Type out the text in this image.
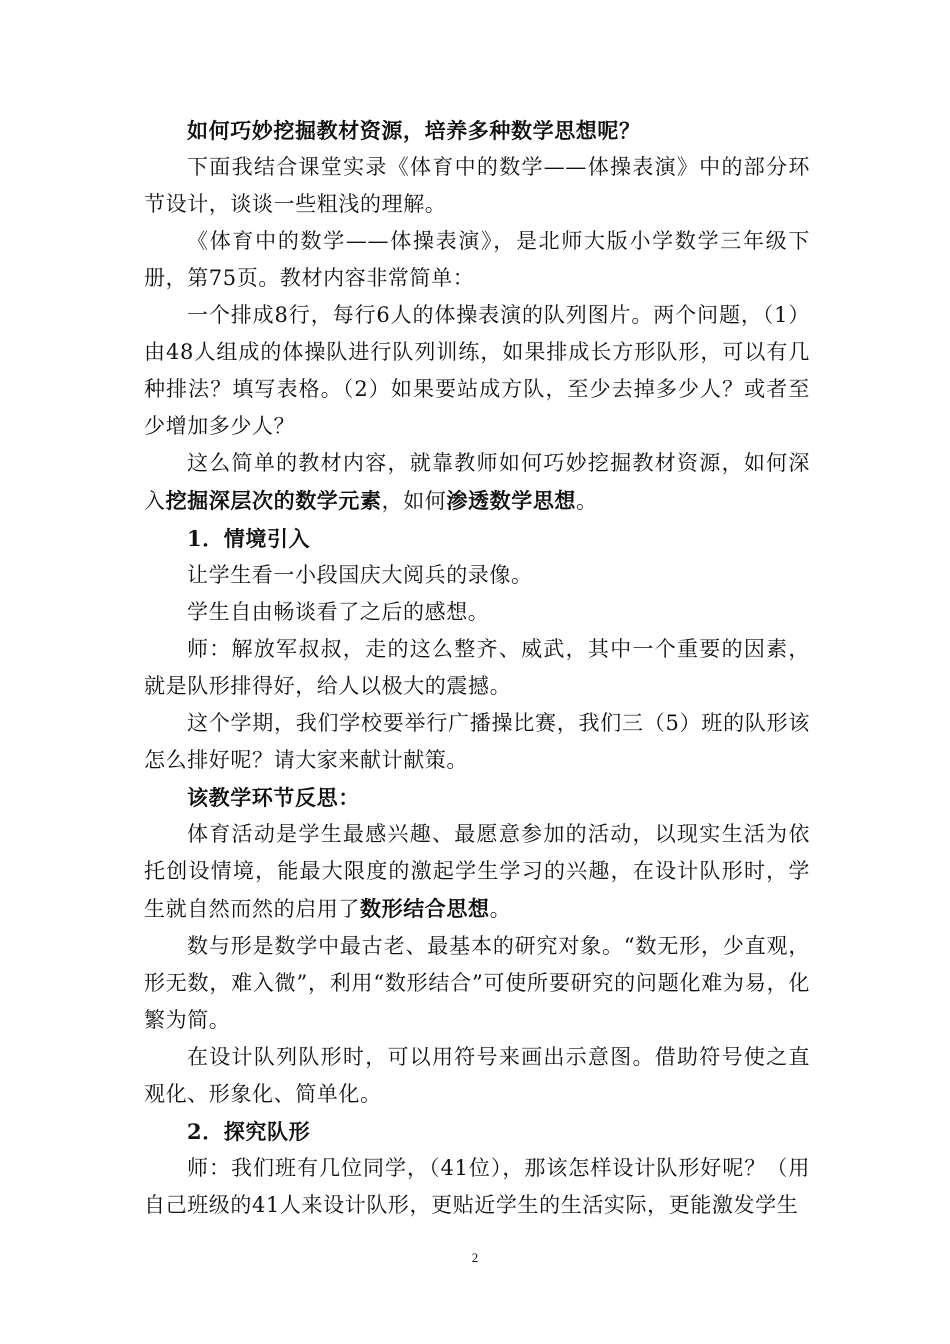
如何巧妙挖掘教材资源，培养多种数学思想呢？

下面我结合课堂实录《体育中的数学——体操表演》中的部分环节设计，谈谈一些粗浅的理解。

《体育中的数学——体操表演》，是北师大版小学数学三年级下册，第75页。教材内容非常简单：

一个排成8行，每行6人的体操表演的队列图片。两个问题，（1）由48人组成的体操队进行队列训练，如果排成长方形队形，可以有几种排法？填写表格。（2）如果要站成方队，至少去掉多少人？或者至少增加多少人？

这么简单的教材内容，就靠教师如何巧妙挖掘教材资源，如何深入挖掘深层次的数学元素，如何渗透数学思想。

1．情境引入

让学生看一小段国庆大阅兵的录像。

学生自由畅谈看了之后的感想。

师：解放军叔叔，走的这么整齐、威武，其中一个重要的因素，就是队形排得好，给人以极大的震撼。

这个学期，我们学校要举行广播操比赛，我们三（5）班的队形该怎么排好呢？请大家来献计献策。

该教学环节反思：

体育活动是学生最感兴趣、最愿意参加的活动，以现实生活为依托创设情境，能最大限度的激起学生学习的兴趣，在设计队形时，学生就自然而然的启用了数形结合思想。

数与形是数学中最古老、最基本的研究对象。“数无形，少直观，形无数，难入微”，利用“数形结合”可使所要研究的问题化难为易，化繁为简。

在设计队列队形时，可以用符号来画出示意图。借助符号使之直观化、形象化、简单化。

2．探究队形

师：我们班有几位同学，（41位），那该怎样设计队形好呢？（用自己班级的41人来设计队形，更贴近学生的生活实际，更能激发学生

2
